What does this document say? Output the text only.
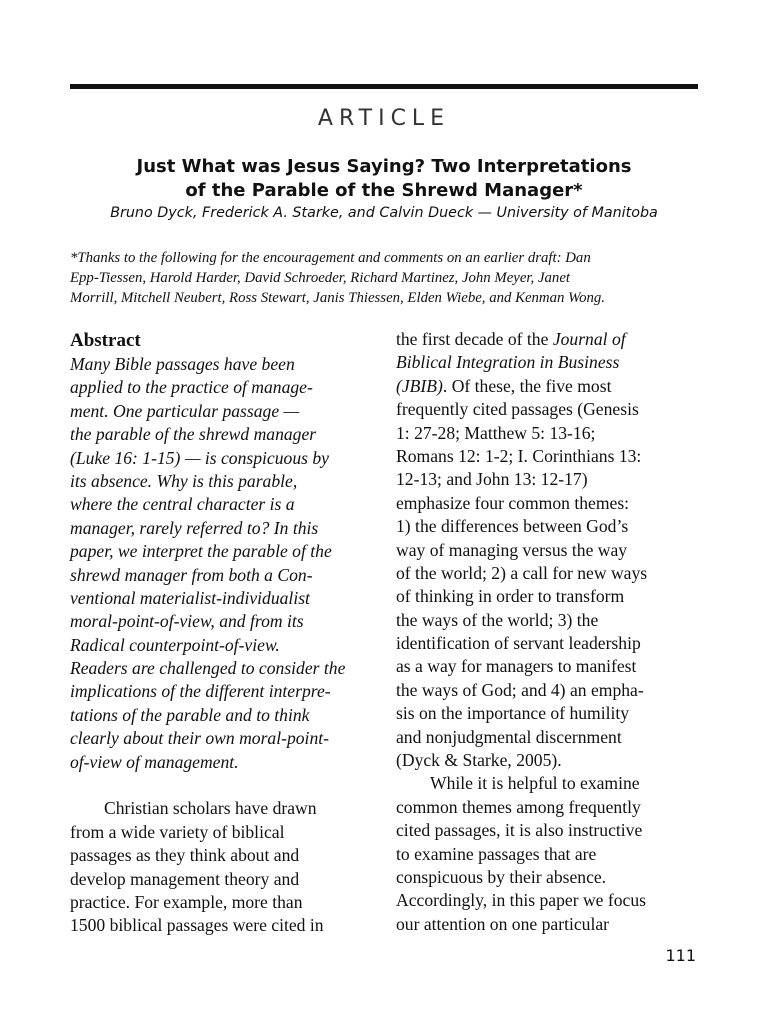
ARTICLE
Just What was Jesus Saying? Two Interpretations
of the Parable of the Shrewd Manager*
Bruno Dyck, Frederick A. Starke, and Calvin Dueck — University of Manitoba
*Thanks to the following for the encouragement and comments on an earlier draft: Dan
Epp-Tiessen, Harold Harder, David Schroeder, Richard Martinez, John Meyer, Janet
Morrill, Mitchell Neubert, Ross Stewart, Janis Thiessen, Elden Wiebe, and Kenman Wong.
Abstract
Many Bible passages have been
applied to the practice of manage-
ment. One particular passage —
the parable of the shrewd manager
(Luke 16: 1-15) — is conspicuous by
its absence. Why is this parable,
where the central character is a
manager, rarely referred to? In this
paper, we interpret the parable of the
shrewd manager from both a Con-
ventional materialist-individualist
moral-point-of-view, and from its
Radical counterpoint-of-view.
Readers are challenged to consider the
implications of the different interpre-
tations of the parable and to think
clearly about their own moral-point-
of-view of management.
Christian scholars have drawn
from a wide variety of biblical
passages as they think about and
develop management theory and
practice. For example, more than
1500 biblical passages were cited in
the first decade of the Journal of
Biblical Integration in Business
(JBIB). Of these, the five most
frequently cited passages (Genesis
1: 27-28; Matthew 5: 13-16;
Romans 12: 1-2; I. Corinthians 13:
12-13; and John 13: 12-17)
emphasize four common themes:
1) the differences between God’s
way of managing versus the way
of the world; 2) a call for new ways
of thinking in order to transform
the ways of the world; 3) the
identification of servant leadership
as a way for managers to manifest
the ways of God; and 4) an empha-
sis on the importance of humility
and nonjudgmental discernment
(Dyck & Starke, 2005).
While it is helpful to examine
common themes among frequently
cited passages, it is also instructive
to examine passages that are
conspicuous by their absence.
Accordingly, in this paper we focus
our attention on one particular
111
